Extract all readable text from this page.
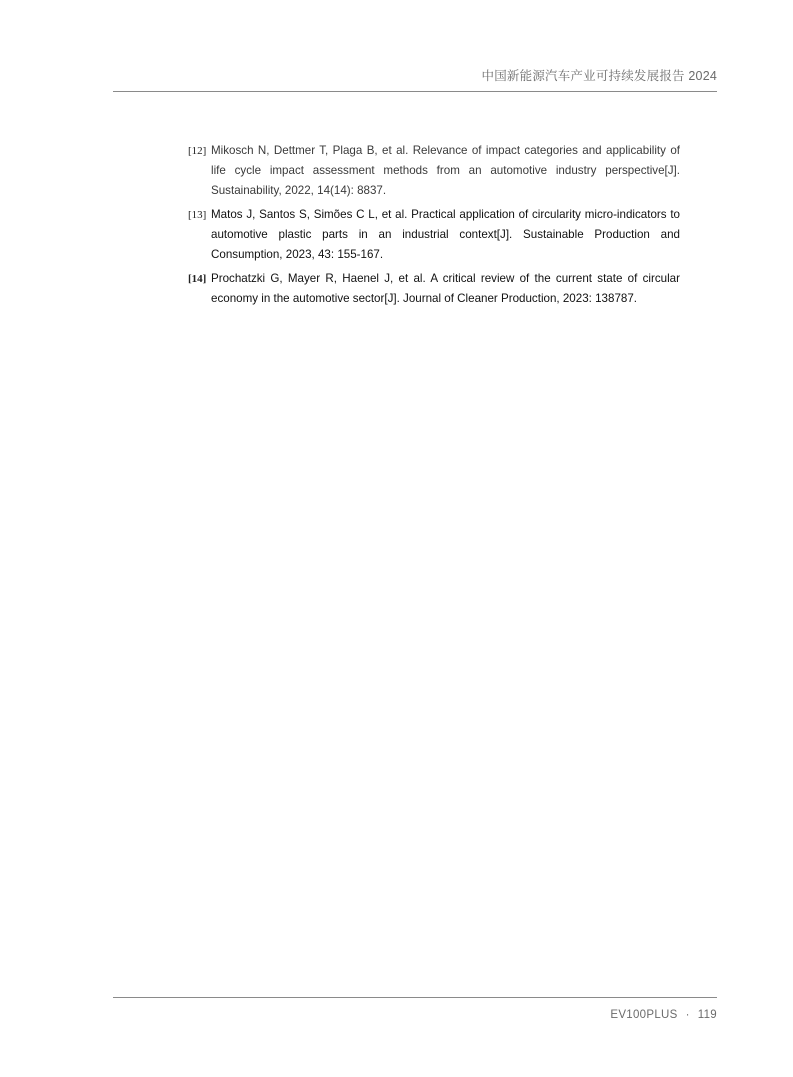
中国新能源汽车产业可持续发展报告 2024
[12] Mikosch N, Dettmer T, Plaga B, et al. Relevance of impact categories and applicability of life cycle impact assessment methods from an automotive industry perspective[J]. Sustainability, 2022, 14(14): 8837.
[13] Matos J, Santos S, Simões C L, et al. Practical application of circularity micro-indicators to automotive plastic parts in an industrial context[J]. Sustainable Production and Consumption, 2023, 43: 155-167.
[14] Prochatzki G, Mayer R, Haenel J, et al. A critical review of the current state of circular economy in the automotive sector[J]. Journal of Cleaner Production, 2023: 138787.
EV100PLUS · 119
